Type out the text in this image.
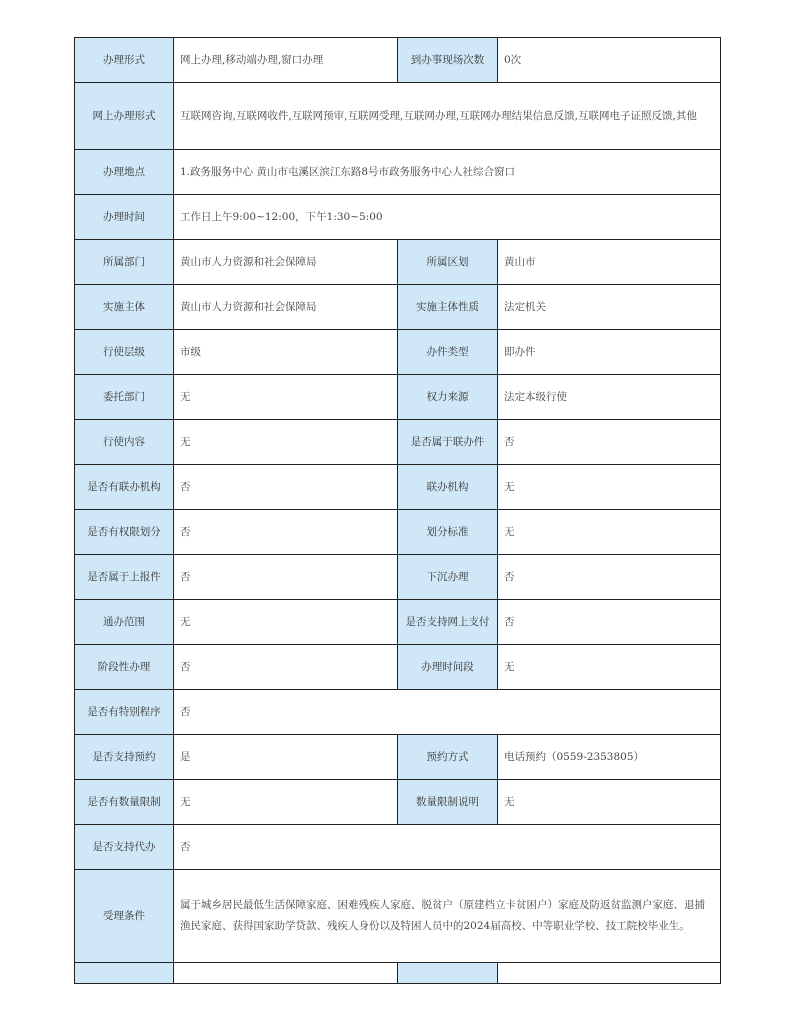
办理形式	网上办理,移动端办理,窗口办理	到办事现场次数	0次
网上办理形式	互联网咨询,互联网收件,互联网预审,互联网受理,互联网办理,互联网办理结果信息反馈,互联网电子证照反馈,其他		
办理地点	1.政务服务中心 黄山市屯溪区滨江东路8号市政务服务中心人社综合窗口		
办理时间	工作日上午9:00~12:00，下午1:30~5:00		
所属部门	黄山市人力资源和社会保障局	所属区划	黄山市
实施主体	黄山市人力资源和社会保障局	实施主体性质	法定机关
行使层级	市级	办件类型	即办件
委托部门	无	权力来源	法定本级行使
行使内容	无	是否属于联办件	否
是否有联办机构	否	联办机构	无
是否有权限划分	否	划分标准	无
是否属于上报件	否	下沉办理	否
通办范围	无	是否支持网上支付	否
阶段性办理	否	办理时间段	无
是否有特别程序	否		
是否支持预约	是	预约方式	电话预约（0559-2353805）
是否有数量限制	无	数量限制说明	无
是否支持代办	否		
受理条件	属于城乡居民最低生活保障家庭、困难残疾人家庭、脱贫户（原建档立卡贫困户）家庭及防返贫监测户家庭、退捕渔民家庭、获得国家助学贷款、残疾人身份以及特困人员中的2024届高校、中等职业学校、技工院校毕业生。		
